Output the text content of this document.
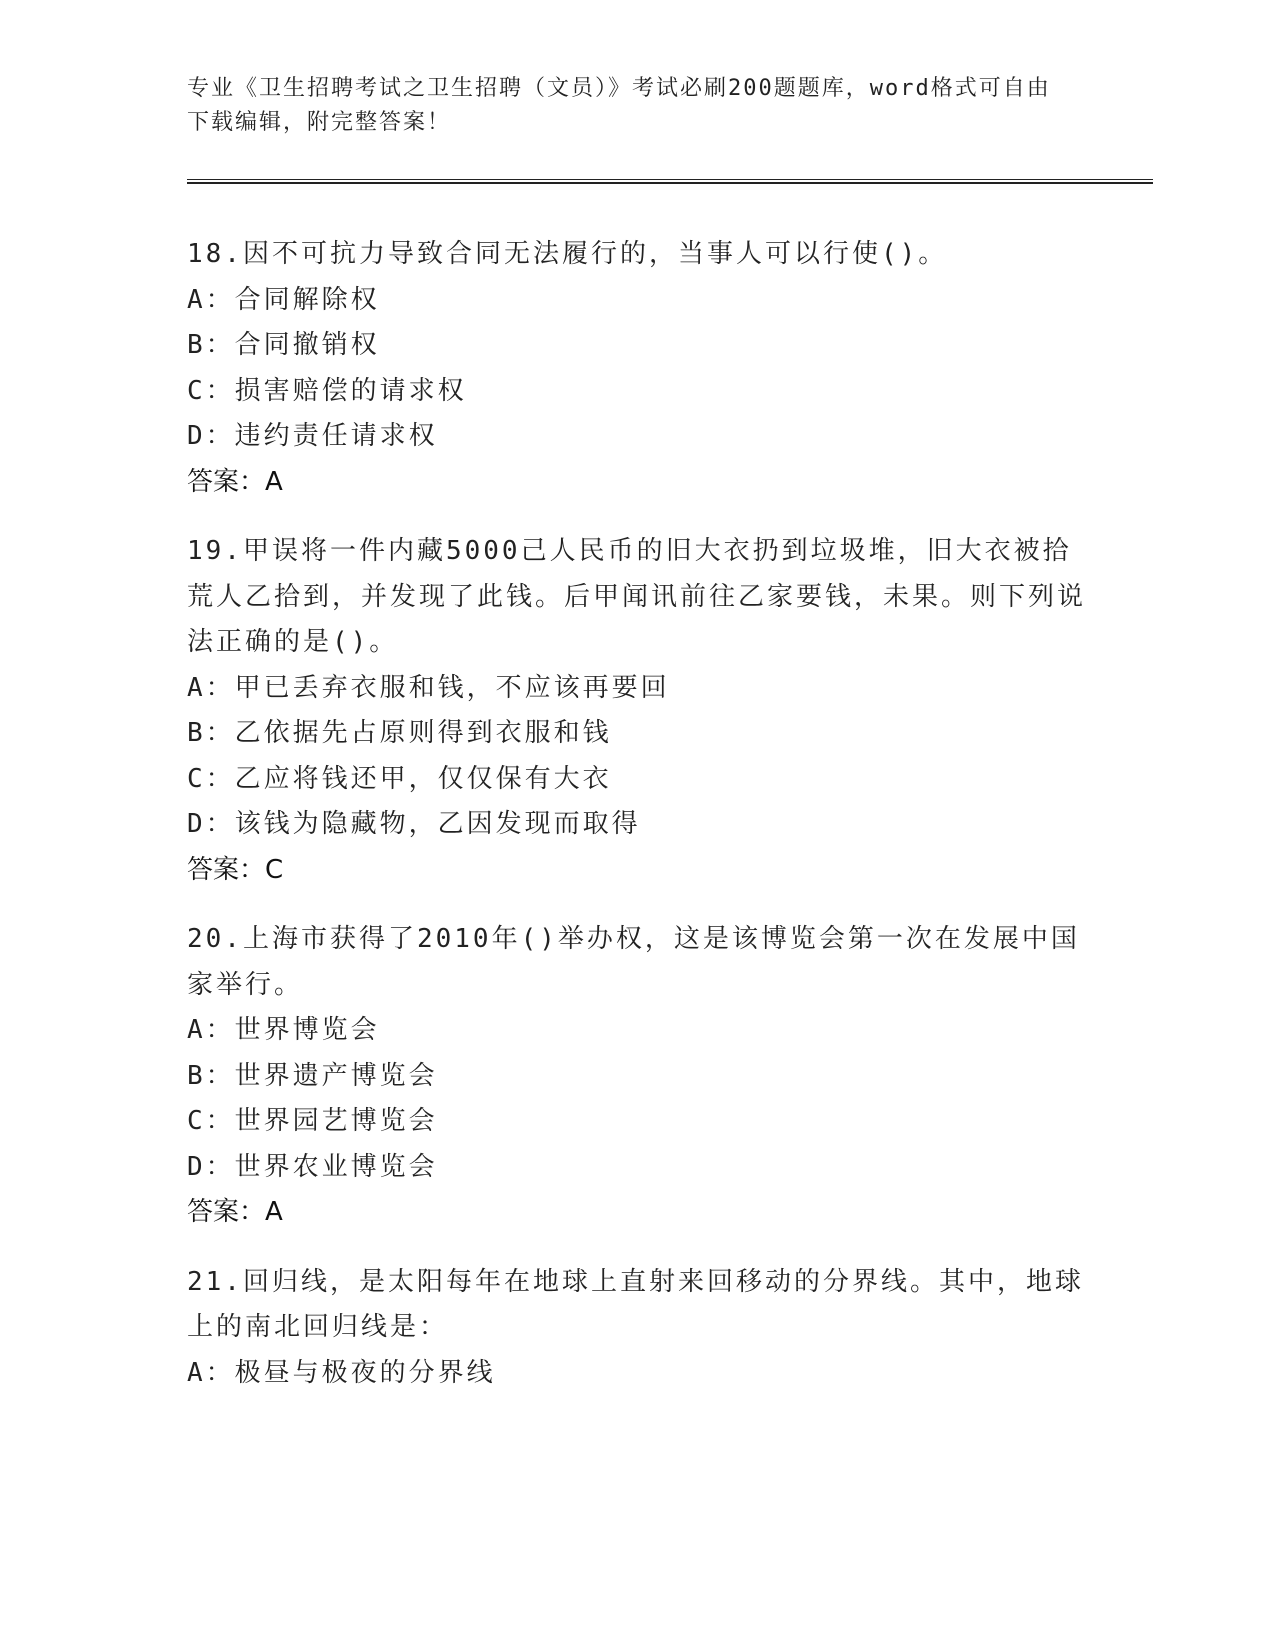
专业《卫生招聘考试之卫生招聘（文员）》考试必刷200题题库，word格式可自由下载编辑，附完整答案！
18.因不可抗力导致合同无法履行的，当事人可以行使()。
A：合同解除权
B：合同撤销权
C：损害赔偿的请求权
D：违约责任请求权
答案：A
19.甲误将一件内藏5000己人民币的旧大衣扔到垃圾堆，旧大衣被拾荒人乙拾到，并发现了此钱。后甲闻讯前往乙家要钱，未果。则下列说法正确的是()。
A：甲已丢弃衣服和钱，不应该再要回
B：乙依据先占原则得到衣服和钱
C：乙应将钱还甲，仅仅保有大衣
D：该钱为隐藏物，乙因发现而取得
答案：C
20.上海市获得了2010年()举办权，这是该博览会第一次在发展中国家举行。
A：世界博览会
B：世界遗产博览会
C：世界园艺博览会
D：世界农业博览会
答案：A
21.回归线，是太阳每年在地球上直射来回移动的分界线。其中，地球上的南北回归线是：
A：极昼与极夜的分界线
